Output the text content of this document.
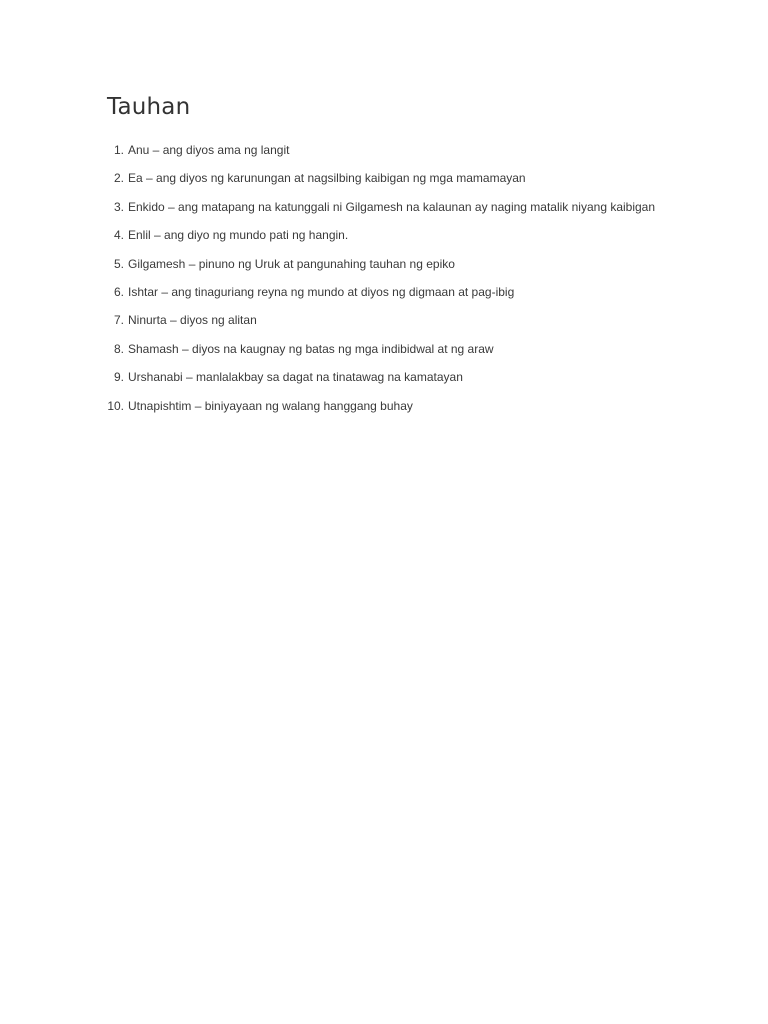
Tauhan
1. Anu – ang diyos ama ng langit
2. Ea – ang diyos ng karunungan at nagsilbing kaibigan ng mga mamamayan
3. Enkido – ang matapang na katunggali ni Gilgamesh na kalaunan ay naging matalik niyang kaibigan
4. Enlil – ang diyo ng mundo pati ng hangin.
5. Gilgamesh – pinuno ng Uruk at pangunahing tauhan ng epiko
6. Ishtar – ang tinaguriang reyna ng mundo at diyos ng digmaan at pag-ibig
7. Ninurta – diyos ng alitan
8. Shamash – diyos na kaugnay ng batas ng mga indibidwal at ng araw
9. Urshanabi – manlalakbay sa dagat na tinatawag na kamatayan
10. Utnapishtim – biniyayaan ng walang hanggang buhay
